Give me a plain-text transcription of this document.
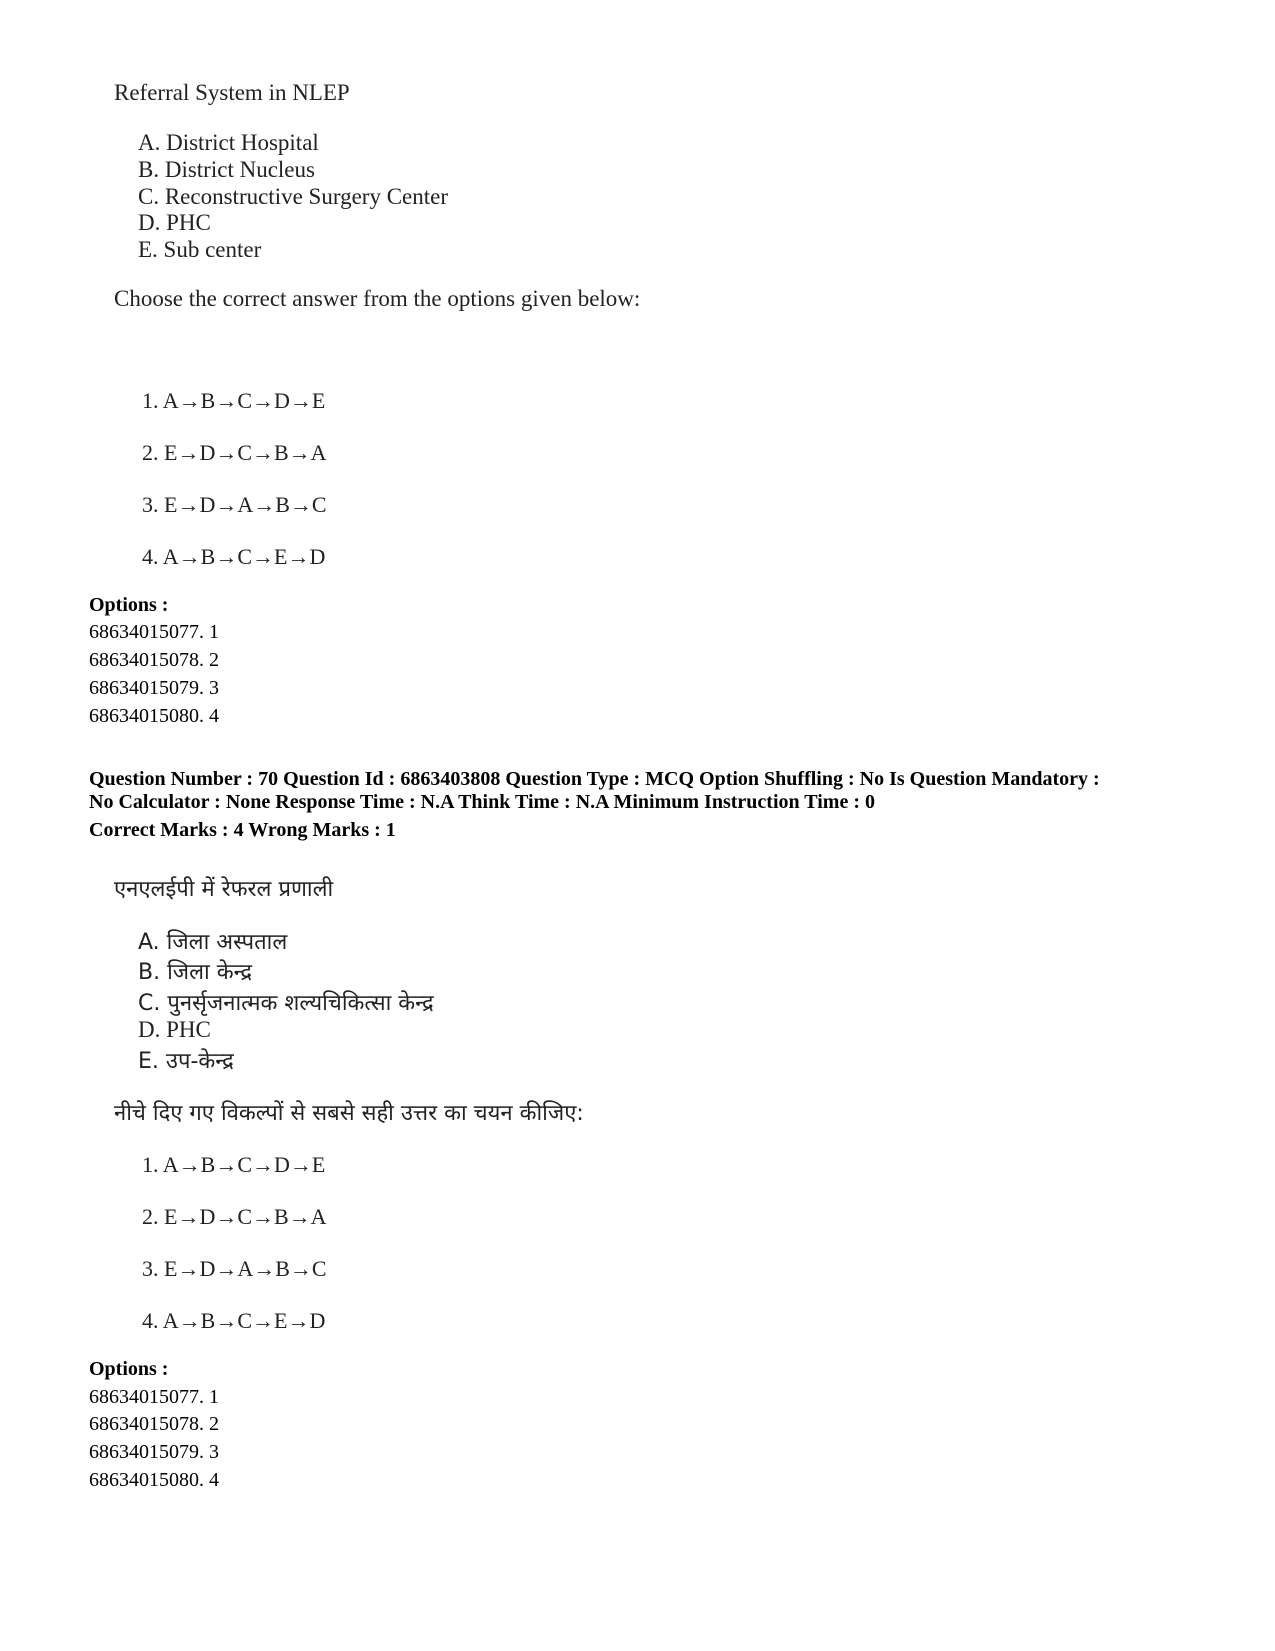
Referral System in NLEP
A. District Hospital
B. District Nucleus
C. Reconstructive Surgery Center
D. PHC
E. Sub center
Choose the correct answer from the options given below:
1. A→B→C→D→E
2. E→D→C→B→A
3. E→D→A→B→C
4. A→B→C→E→D
Options :
68634015077. 1
68634015078. 2
68634015079. 3
68634015080. 4
Question Number : 70 Question Id : 6863403808 Question Type : MCQ Option Shuffling : No Is Question Mandatory :
No Calculator : None Response Time : N.A Think Time : N.A Minimum Instruction Time : 0
Correct Marks : 4 Wrong Marks : 1
एनएलईपी में रेफरल प्रणाली
A. जिला अस्पताल
B. जिला केन्द्र
C. पुनर्सृजनात्मक शल्यचिकित्सा केन्द्र
D. PHC
E. उप-केन्द्र
नीचे दिए गए विकल्पों से सबसे सही उत्तर का चयन कीजिए:
1. A→B→C→D→E
2. E→D→C→B→A
3. E→D→A→B→C
4. A→B→C→E→D
Options :
68634015077. 1
68634015078. 2
68634015079. 3
68634015080. 4
